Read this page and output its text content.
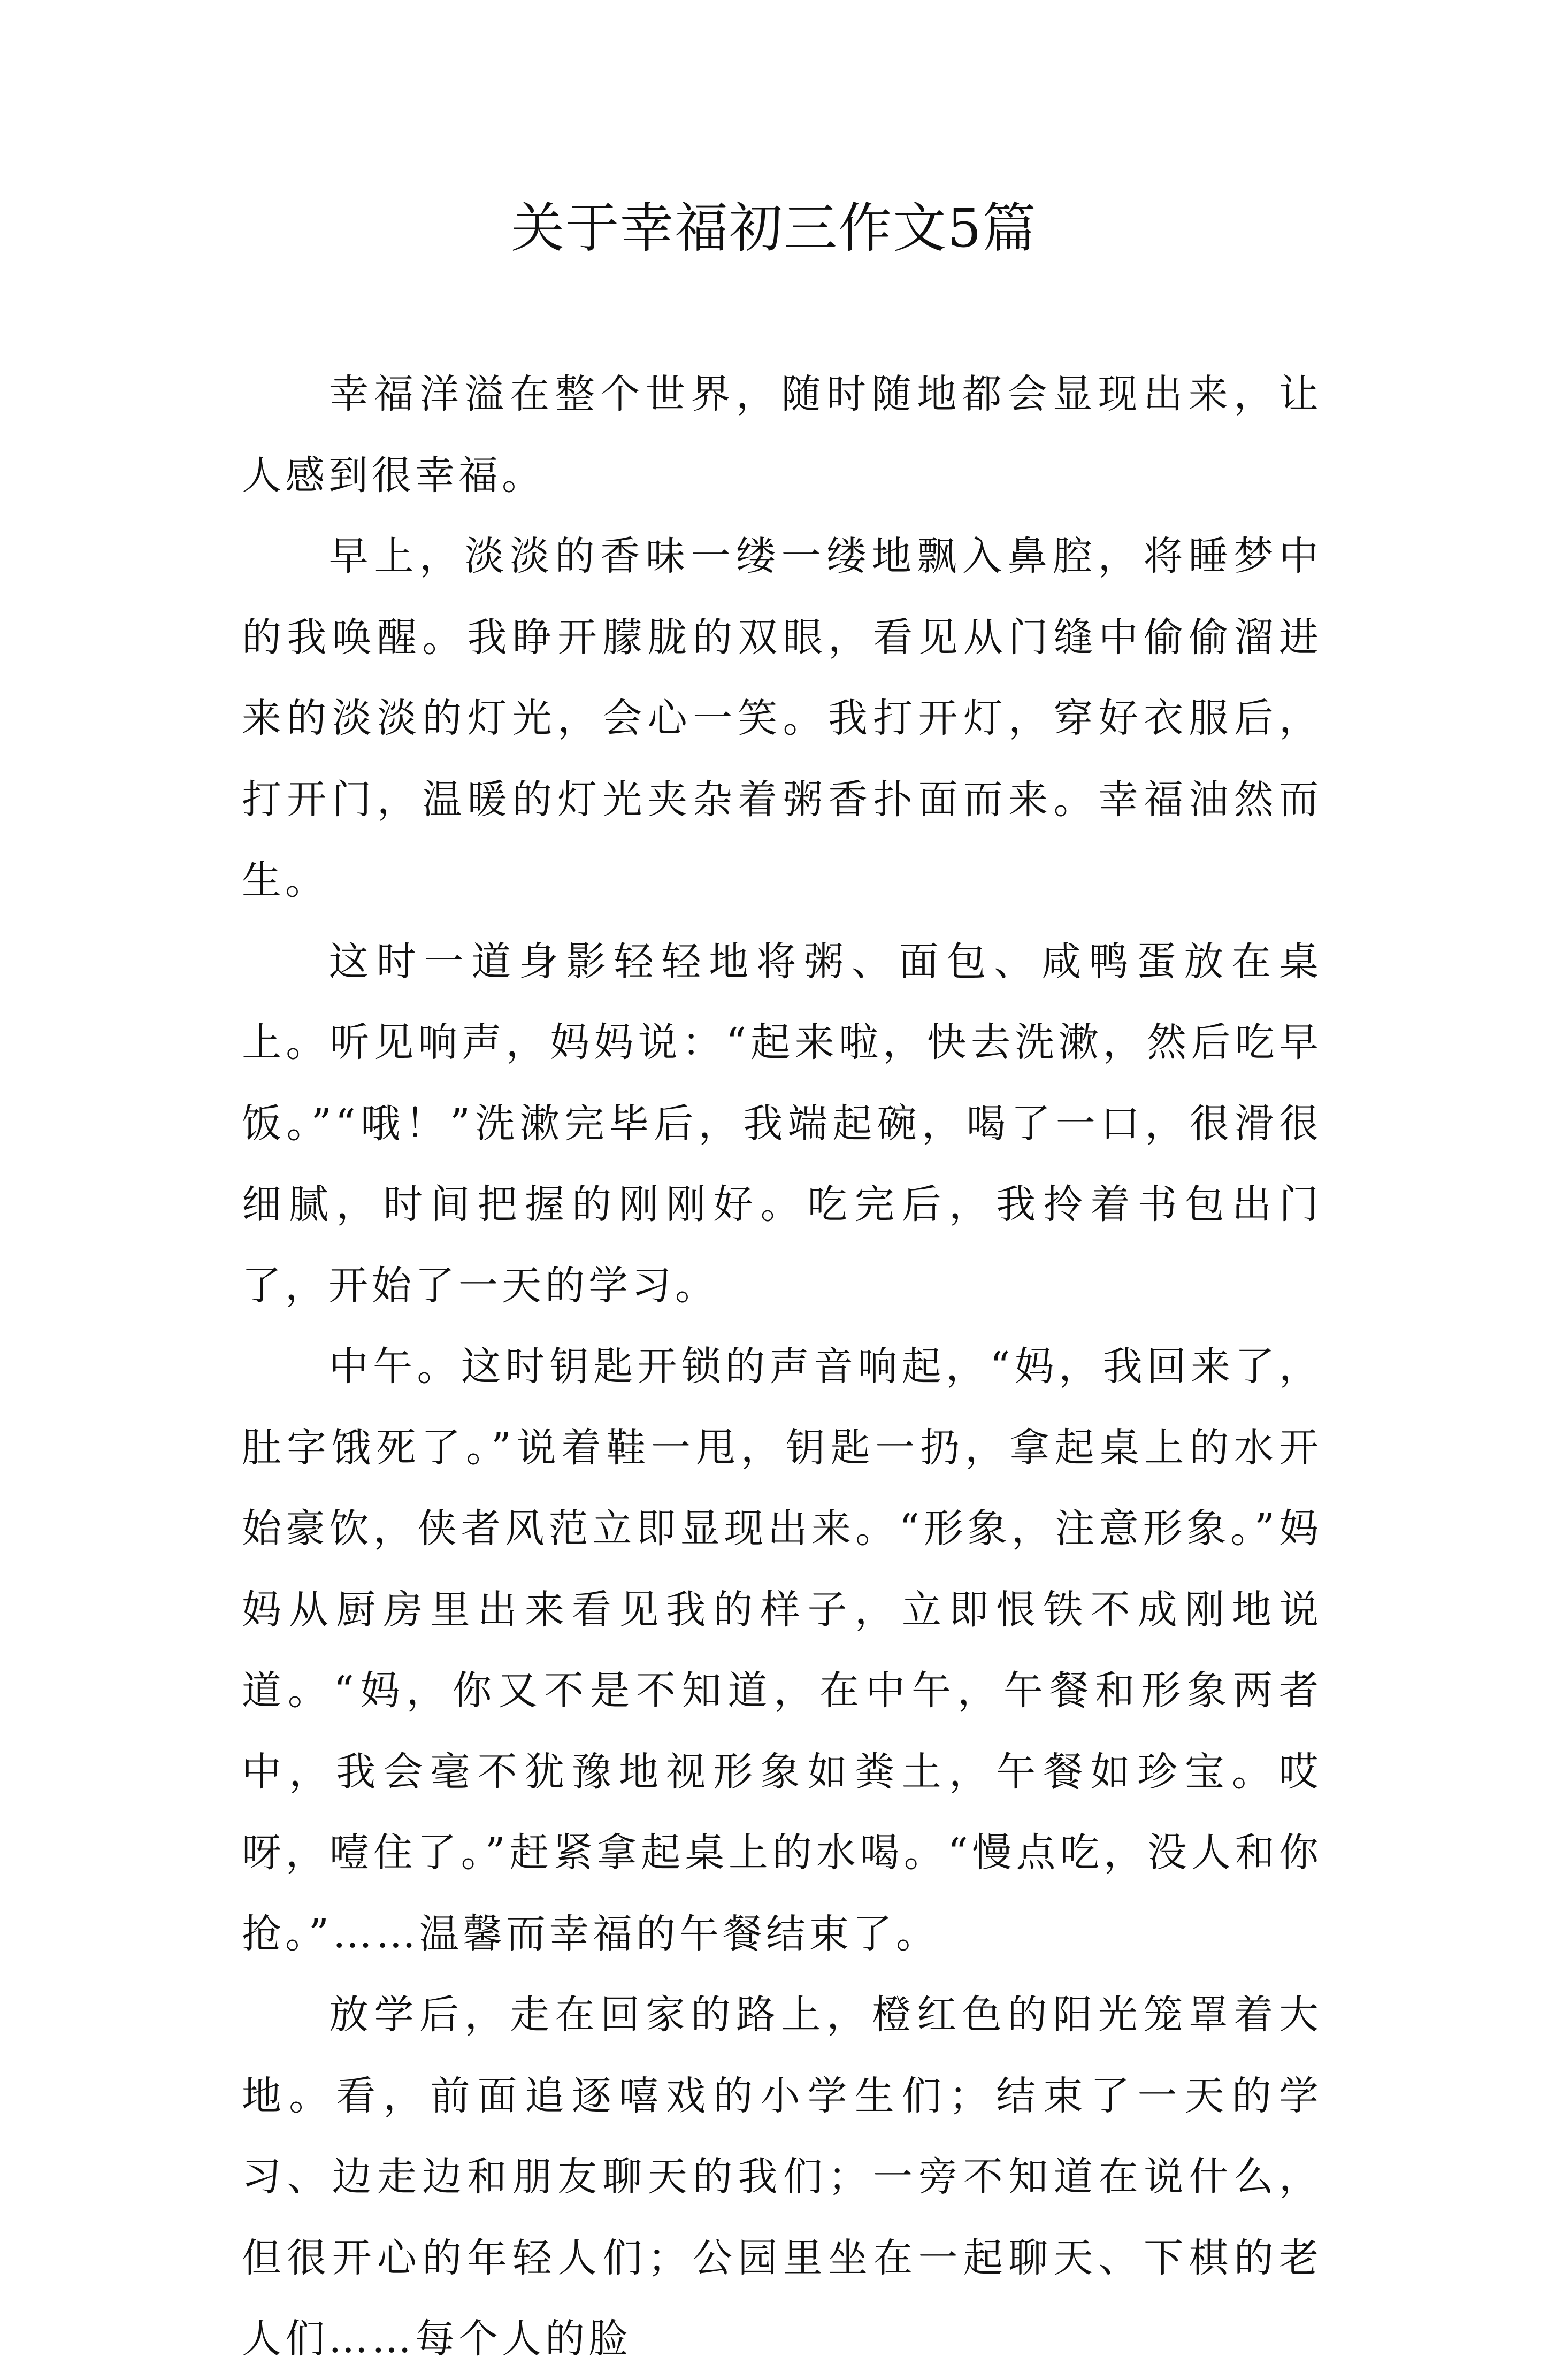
关于幸福初三作文5篇

幸福洋溢在整个世界，随时随地都会显现出来，让人感到很幸福。

早上，淡淡的香味一缕一缕地飘入鼻腔，将睡梦中的我唤醒。我睁开朦胧的双眼，看见从门缝中偷偷溜进来的淡淡的灯光，会心一笑。我打开灯，穿好衣服后，打开门，温暖的灯光夹杂着粥香扑面而来。幸福油然而生。

这时一道身影轻轻地将粥、面包、咸鸭蛋放在桌上。听见响声，妈妈说：“起来啦，快去洗漱，然后吃早饭。”“哦！”洗漱完毕后，我端起碗，喝了一口，很滑很细腻，时间把握的刚刚好。吃完后，我拎着书包出门了，开始了一天的学习。

中午。这时钥匙开锁的声音响起，“妈，我回来了，肚字饿死了。”说着鞋一甩，钥匙一扔，拿起桌上的水开始豪饮，侠者风范立即显现出来。“形象，注意形象。”妈妈从厨房里出来看见我的样子，立即恨铁不成刚地说道。“妈，你又不是不知道，在中午，午餐和形象两者中，我会毫不犹豫地视形象如粪土，午餐如珍宝。哎呀，噎住了。”赶紧拿起桌上的水喝。“慢点吃，没人和你抢。”……温馨而幸福的午餐结束了。

放学后，走在回家的路上，橙红色的阳光笼罩着大地。看，前面追逐嘻戏的小学生们；结束了一天的学习、边走边和朋友聊天的我们；一旁不知道在说什么，但很开心的年轻人们；公园里坐在一起聊天、下棋的老人们……每个人的脸
